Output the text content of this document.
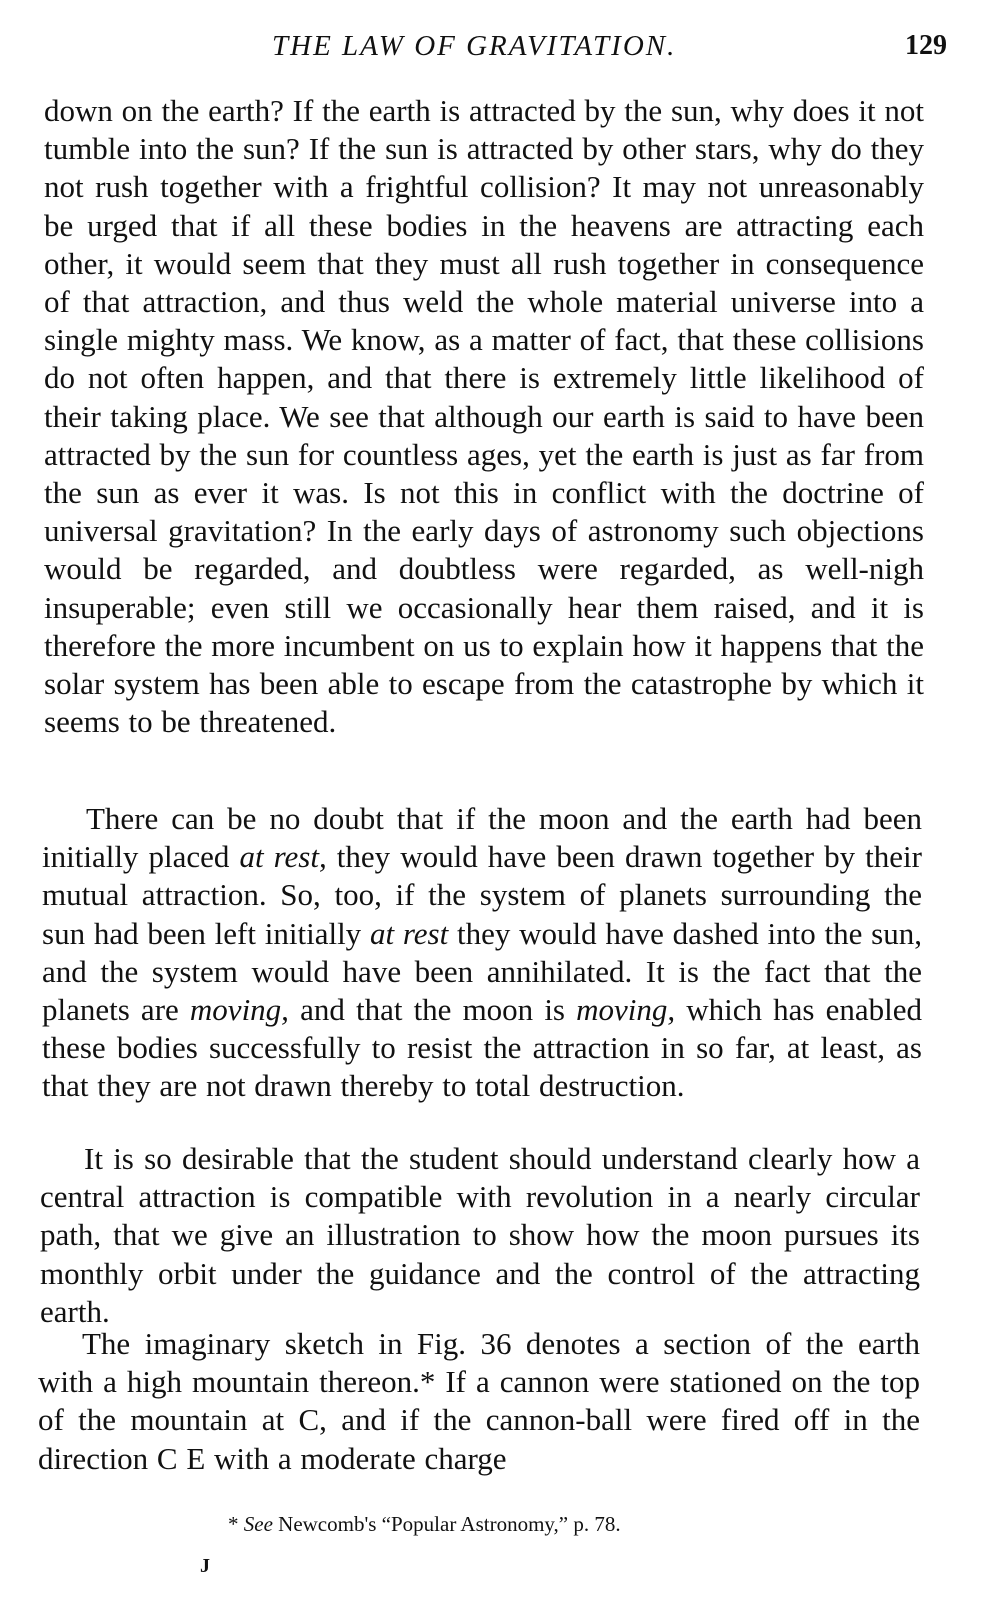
THE LAW OF GRAVITATION.	129

down on the earth? If the earth is attracted by the sun, why does it not tumble into the sun? If the sun is attracted by other stars, why do they not rush together with a frightful collision? It may not unreasonably be urged that if all these bodies in the heavens are attracting each other, it would seem that they must all rush together in consequence of that attraction, and thus weld the whole material universe into a single mighty mass. We know, as a matter of fact, that these collisions do not often happen, and that there is extremely little likelihood of their taking place. We see that although our earth is said to have been attracted by the sun for countless ages, yet the earth is just as far from the sun as ever it was. Is not this in conflict with the doctrine of universal gravitation? In the early days of astronomy such objections would be regarded, and doubtless were regarded, as well-nigh insuperable; even still we occasionally hear them raised, and it is therefore the more incumbent on us to explain how it happens that the solar system has been able to escape from the catastrophe by which it seems to be threatened.

There can be no doubt that if the moon and the earth had been initially placed at rest, they would have been drawn together by their mutual attraction. So, too, if the system of planets surrounding the sun had been left initially at rest they would have dashed into the sun, and the system would have been annihilated. It is the fact that the planets are moving, and that the moon is moving, which has enabled these bodies successfully to resist the attraction in so far, at least, as that they are not drawn thereby to total destruction.

It is so desirable that the student should understand clearly how a central attraction is compatible with revolution in a nearly circular path, that we give an illustration to show how the moon pursues its monthly orbit under the guidance and the control of the attracting earth.

The imaginary sketch in Fig. 36 denotes a section of the earth with a high mountain thereon.* If a cannon were stationed on the top of the mountain at C, and if the cannon-ball were fired off in the direction C E with a moderate charge

* See Newcomb's “Popular Astronomy,” p. 78.
J
